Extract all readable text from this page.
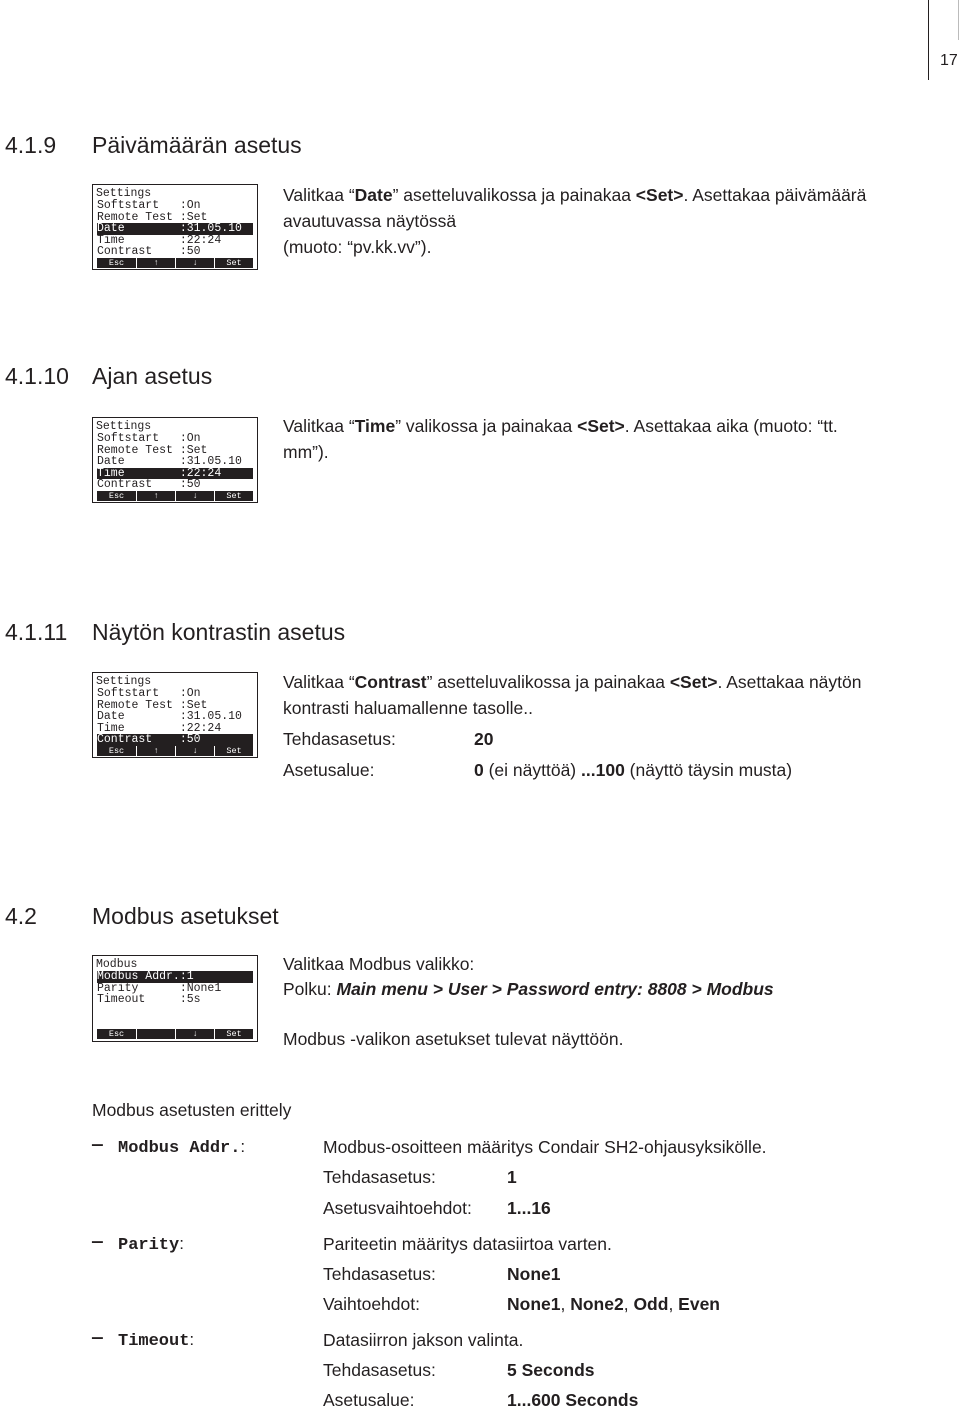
17
4.1.9 Päivämäärän asetus
Settings
Softstart   :On
Remote Test :Set
Date        :31.05.10
Time        :22:24
Contrast    :50
Esc	↑	↓	Set
Valitkaa “Date” asetteluvalikossa ja painakaa <Set>. Asettakaa päivämäärä
avautuvassa näytössä
(muoto: “pv.kk.vv”).
4.1.10 Ajan asetus
Settings
Softstart   :On
Remote Test :Set
Date        :31.05.10
Time        :22:24
Contrast    :50
Esc	↑	↓	Set
Valitkaa “Time” valikossa ja painakaa <Set>. Asettakaa aika (muoto: “tt.
mm”).
4.1.11 Näytön kontrastin asetus
Settings
Softstart   :On
Remote Test :Set
Date        :31.05.10
Time        :22:24
Contrast    :50
Esc	↑	↓	Set
Valitkaa “Contrast” asetteluvalikossa ja painakaa <Set>. Asettakaa näytön
kontrasti haluamallenne tasolle..
Tehdasasetus:	20
Asetusalue:	0 (ei näyttöä) ...100 (näyttö täysin musta)
4.2 Modbus asetukset
Modbus
Modbus Addr.:1
Parity      :None1
Timeout     :5s
Esc	↓	Set
Valitkaa Modbus valikko:
Polku: Main menu > User > Password entry: 8808 > Modbus
Modbus -valikon asetukset tulevat näyttöön.
Modbus asetusten erittely
— Modbus Addr.:	Modbus-osoitteen määritys Condair SH2-ohjausyksikölle.
Tehdasasetus:	1
Asetusvaihtoehdot: 1...16
— Parity:	Pariteetin määritys datasiirtoa varten.
Tehdasasetus:	None1
Vaihtoehdot:	None1, None2, Odd, Even
— Timeout:	Datasiirron jakson valinta.
Tehdasasetus:	5 Seconds
Asetusalue:	1...600 Seconds
